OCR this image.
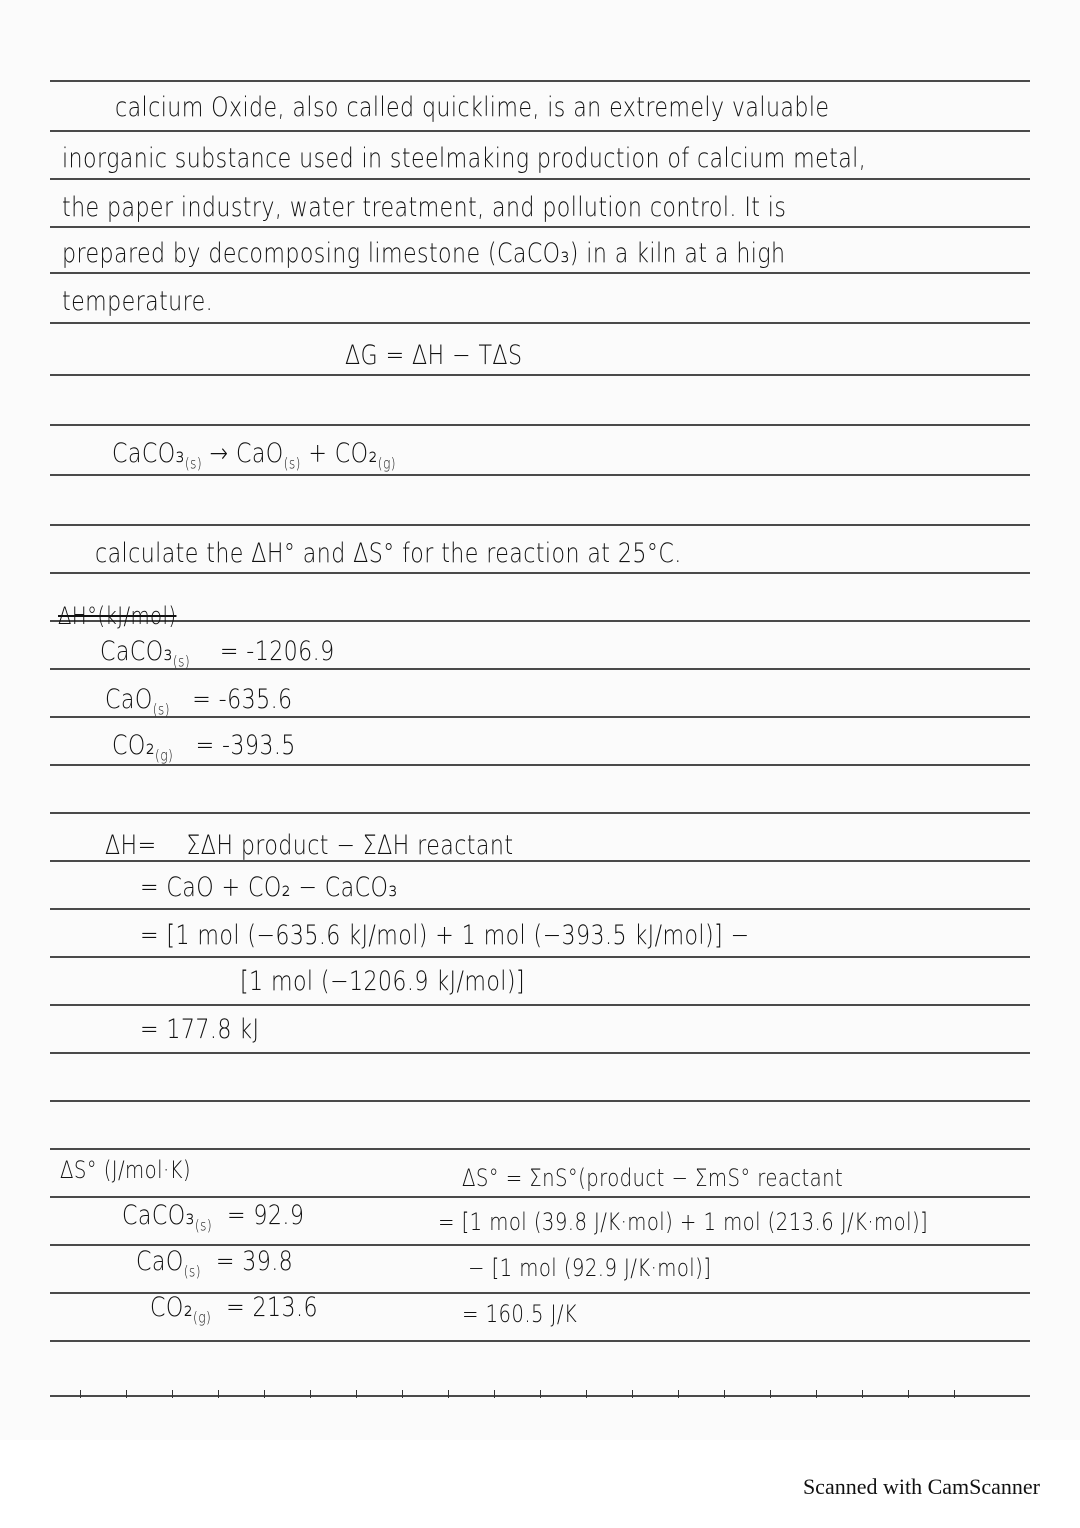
calcium Oxide, also called quicklime, is an extremely valuable
inorganic substance used in steelmaking production of calcium metal,
the paper industry, water treatment, and pollution control. It is
prepared by decomposing limestone (CaCO₃) in a kiln at a high
temperature.
ΔG = ΔH − TΔS
$CaCO_3_{(s)} \to CaO_{(s)} + CO_2_{(g)}$
calculate the ΔH° and ΔS° for the reaction at 25°C.
ΔH°(kJ/mol)
$CaCO_3_{(s)} = -1206.9$
CaO$_{(s)}$ = -635.6
$CO_2_{(g)} = -393.5$
ΔH= ΣΔH product − ΣΔH reactant
= CaO + CO₂ − CaCO₃
= [1 mol (−635.6 kJ/mol) + 1 mol (−393.5 kJ/mol)] −
[1 mol (−1206.9 kJ/mol)]
= 177.8 kJ
ΔS° (J/mol·K)
$CaCO_3_{(s)} = 92.9$
CaO$_{(s)}$ = 39.8
$CO_2_{(g)} = 213.6$
ΔS° = ΣnS°(product − ΣmS° reactant
= [1 mol (39.8 J/K·mol) + 1 mol (213.6 J/K·mol)]
− [1 mol (92.9 J/K·mol)]
= 160.5 J/K
Scanned with CamScanner
